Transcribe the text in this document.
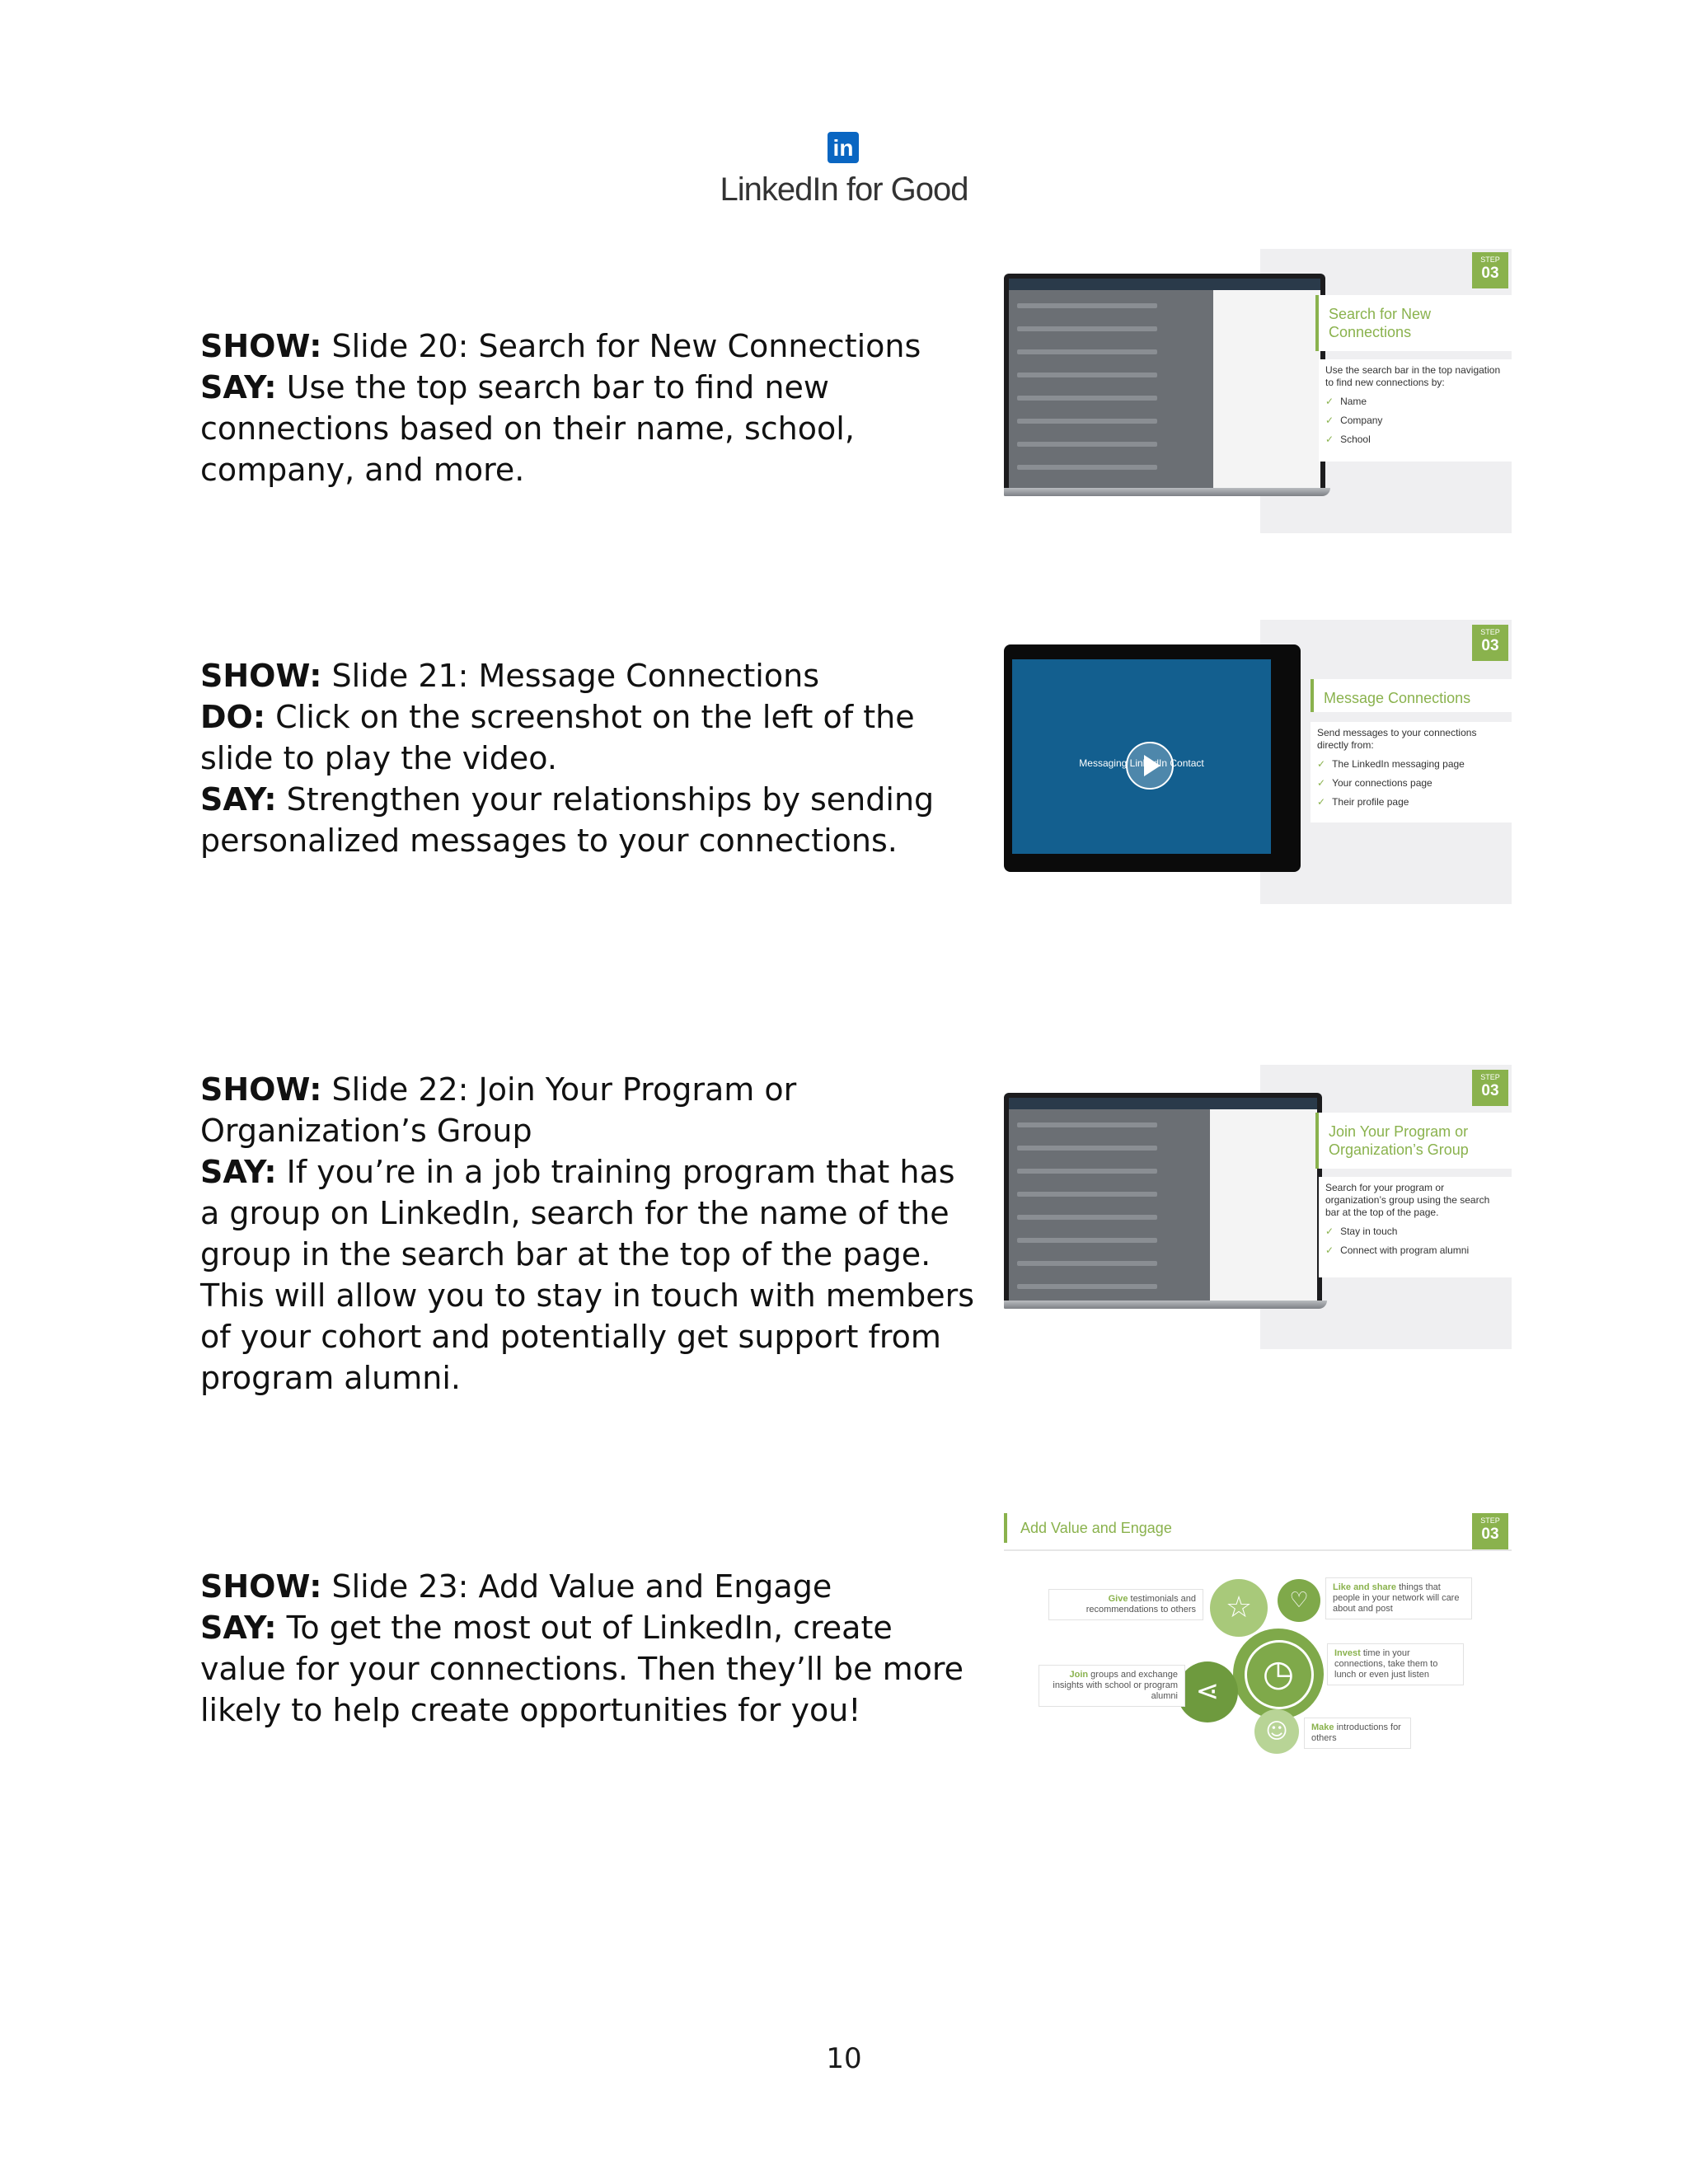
in
LinkedIn for Good

SHOW: Slide 20: Search for New Connections

SAY: Use the top search bar to find new connections based on their name, school, company, and more.

STEP
03
Search for New Connections
Use the search bar in the top navigation to find new connections by:
✓ Name
✓ Company
✓ School

SHOW: Slide 21: Message Connections

DO: Click on the screenshot on the left of the slide to play the video.

SAY: Strengthen your relationships by sending personalized messages to your connections.

Messaging LinkedIn Contact
STEP
03
Message Connections
Send messages to your connections directly from:
✓ The LinkedIn messaging page
✓ Your connections page
✓ Their profile page

SHOW: Slide 22: Join Your Program or Organization’s Group

SAY: If you’re in a job training program that has a group on LinkedIn, search for the name of the group in the search bar at the top of the page. This will allow you to stay in touch with members of your cohort and potentially get support from program alumni.

STEP
03
Join Your Program or Organization’s Group
Search for your program or organization’s group using the search bar at the top of the page.
✓ Stay in touch
✓ Connect with program alumni

SHOW: Slide 23: Add Value and Engage

SAY: To get the most out of LinkedIn, create value for your connections. Then they’ll be more likely to help create opportunities for you!

Add Value and Engage	STEP
03
☆	♡
◷
⋖
☺
Give testimonials and recommendations to others
Like and share things that people in your network will care about and post
Invest time in your connections, take them to lunch or even just listen
Join groups and exchange insights with school or program alumni
Make introductions for others
10
